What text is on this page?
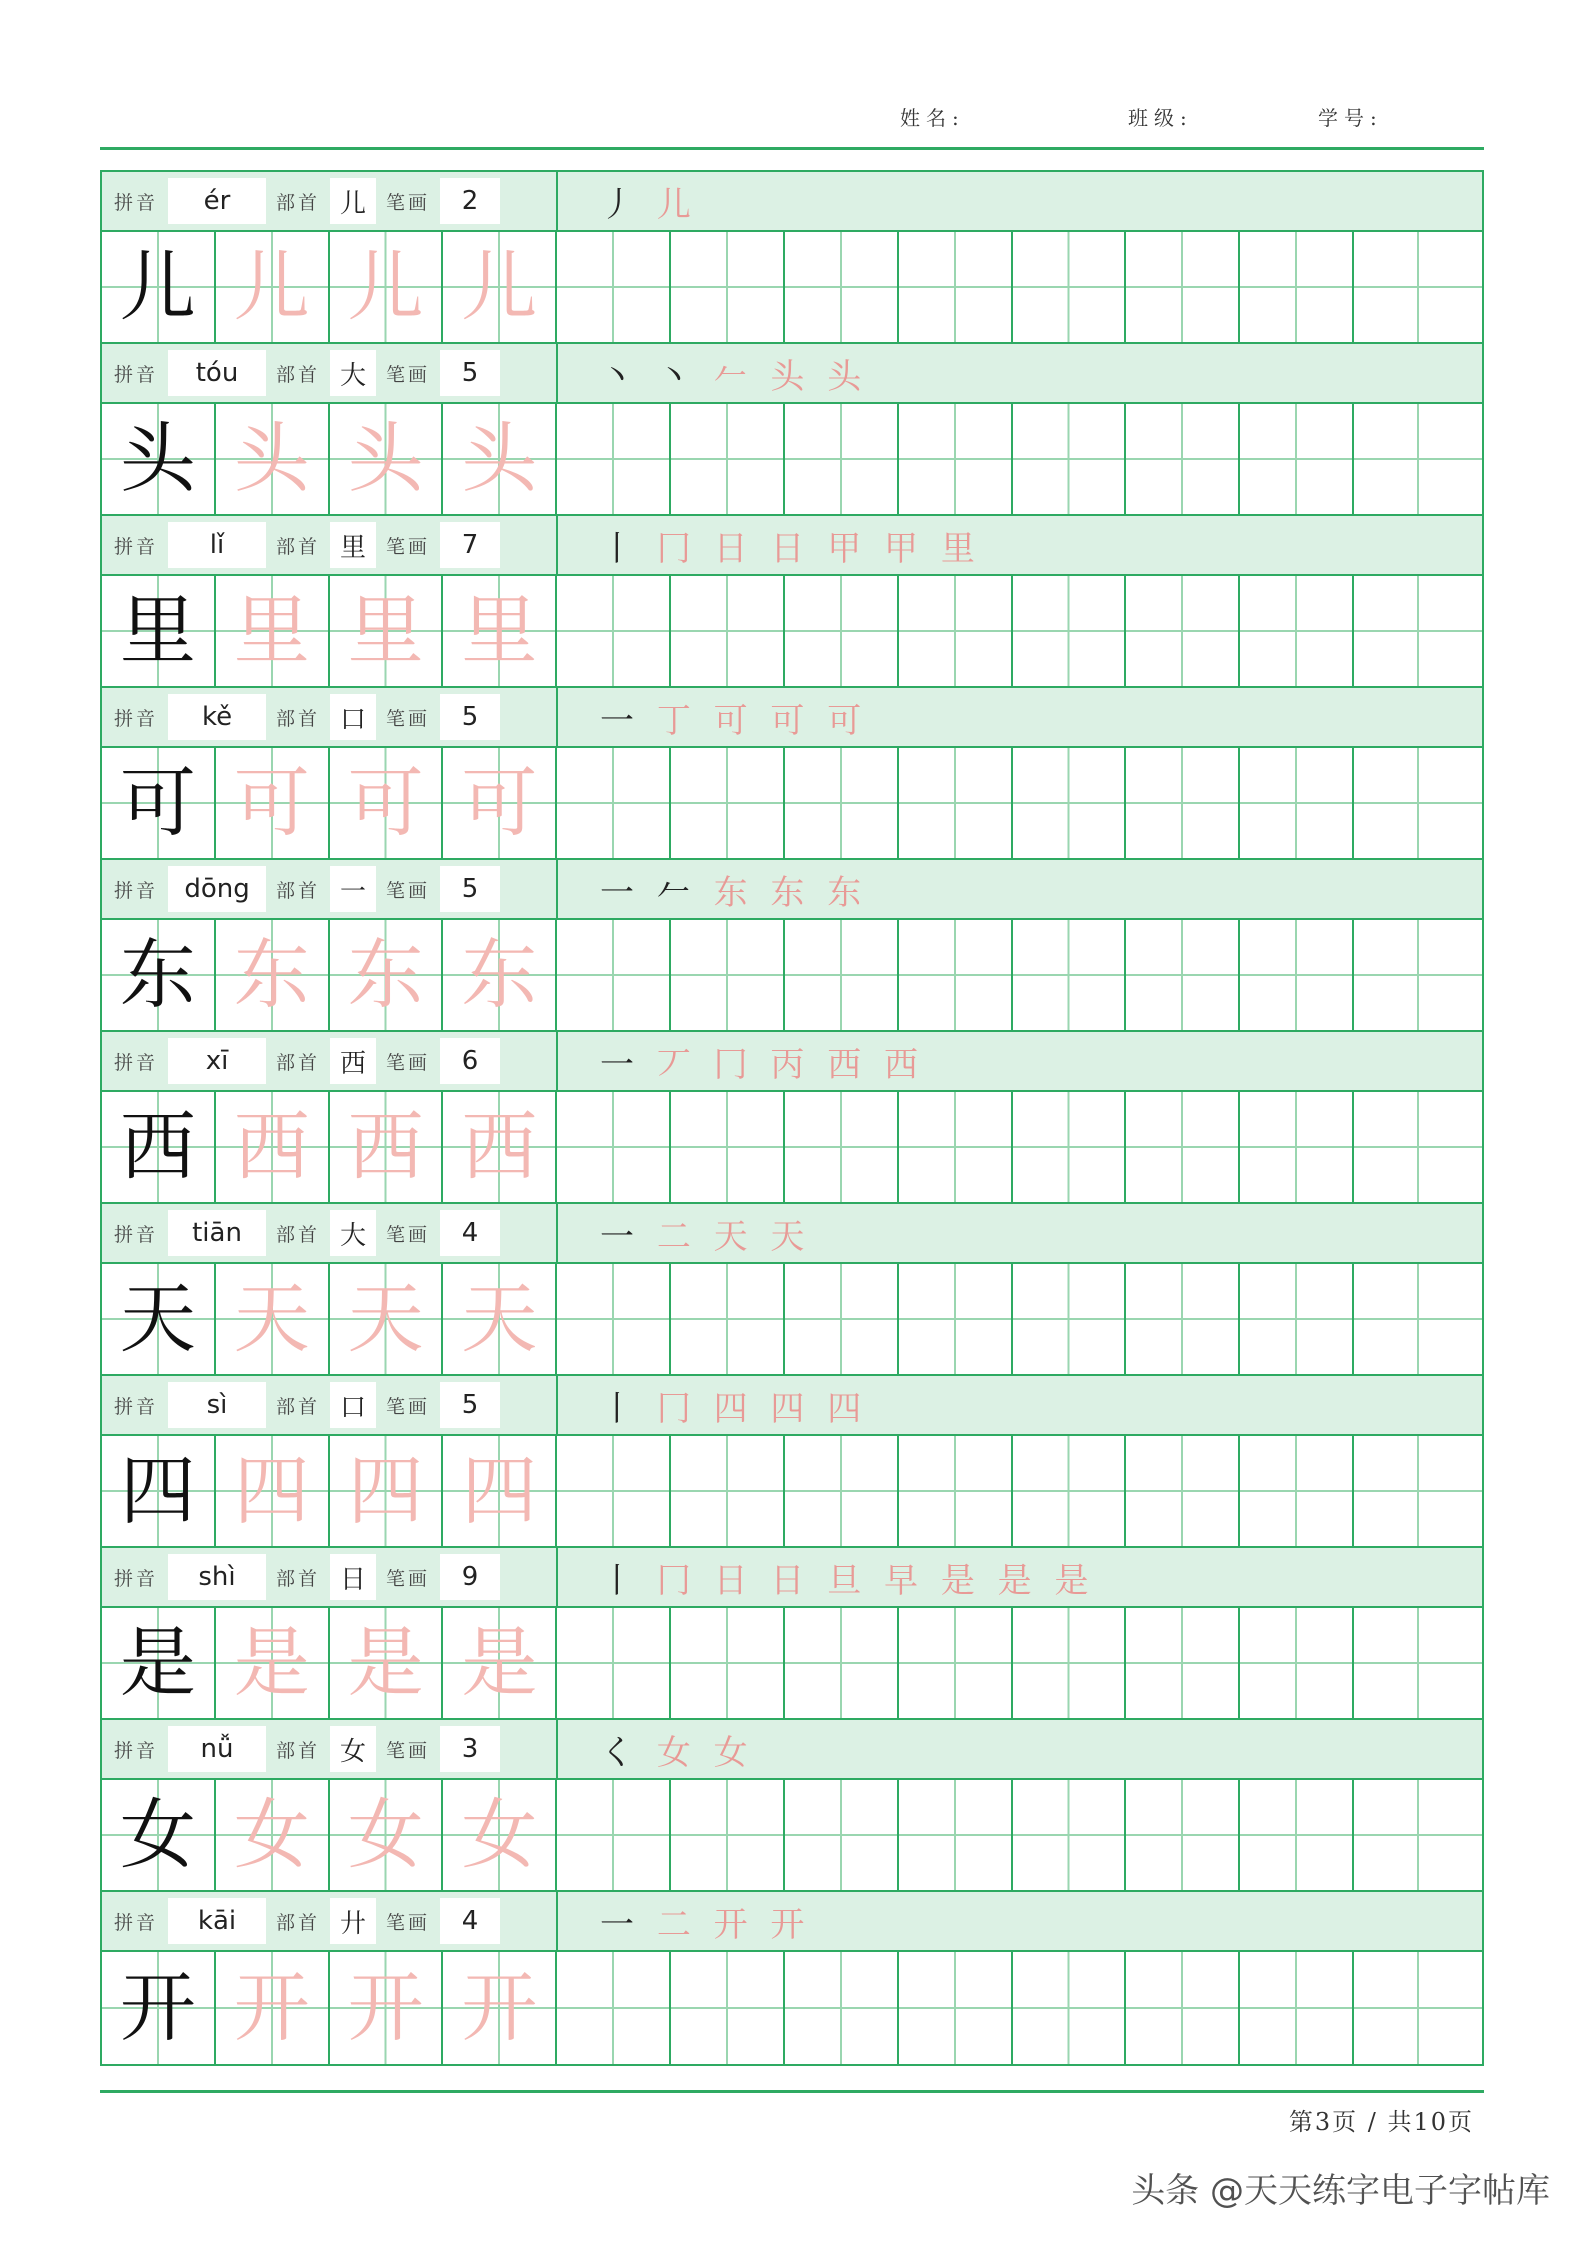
姓名:	班级:	学号:
拼音	ér	部首 儿	笔画	2	丿 儿
儿 儿 儿 儿
拼音	tóu	部首 大	笔画	5	丶 丶 𠂉 头 头
头 头 头 头
拼音	lǐ	部首 里	笔画	7	丨 冂 日 日 甲 甲 里
里 里 里 里
拼音	kě	部首 口	笔画	5	一 丁 可 可 可
可 可 可 可
拼音	dōng	部首 一	笔画	5	一 𠂉 东 东 东
东 东 东 东
拼音	xī	部首 西	笔画	6	一 丆 冂 丙 西 西
西 西 西 西
拼音	tiān	部首 大	笔画	4	一 二 天 天
天 天 天 天
拼音	sì	部首 口	笔画	5	丨 冂 四 四 四
四 四 四 四
拼音	shì	部首 日	笔画	9	丨 冂 日 日 旦 早 是 是 是
是 是 是 是
拼音	nǚ	部首 女	笔画	3	く 女 女
女 女 女 女
拼音	kāi	部首 廾	笔画	4	一 二 开 开
开 开 开 开
第3页 / 共10页
头条 @天天练字电子字帖库
